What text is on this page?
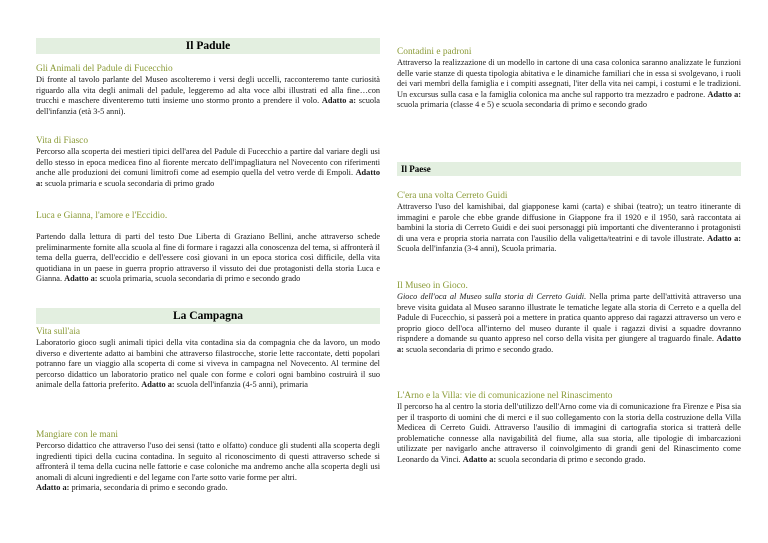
Il Padule
Gli Animali del Padule di Fucecchio
Di fronte al tavolo parlante del Museo ascolteremo i versi degli uccelli, racconteremo tante curiosità riguardo alla vita degli animali del padule, leggeremo ad alta voce albi illustrati ed alla fine…con trucchi e maschere diventeremo tutti insieme uno stormo pronto a prendere il volo. Adatto a: scuola dell'infanzia (età 3-5 anni).
Vita di Fiasco
Percorso alla scoperta dei mestieri tipici dell'area del Padule di Fucecchio a partire dal variare degli usi dello stesso in epoca medicea fino al fiorente mercato dell'impagliatura nel Novecento con riferimenti anche alle produzioni dei comuni limitrofi come ad esempio quella del vetro verde di Empoli. Adatto a: scuola primaria e scuola secondaria di primo grado
Luca e Gianna, l'amore e l'Eccidio.
Partendo dalla lettura di parti del testo Due Liberta di Graziano Bellini, anche attraverso schede preliminarmente fornite alla scuola al fine di formare i ragazzi alla conoscenza del tema, si affronterà il tema della guerra, dell'eccidio e dell'essere così giovani in un epoca storica così difficile, della vita quotidiana in un paese in guerra proprio attraverso il vissuto dei due protagonisti della storia Luca e Gianna. Adatto a: scuola primaria, scuola secondaria di primo e secondo grado
La Campagna
Vita sull'aia
Laboratorio gioco sugli animali tipici della vita contadina sia da compagnia che da lavoro, un modo diverso e divertente adatto ai bambini che attraverso filastrocche, storie lette raccontate, detti popolari potranno fare un viaggio alla scoperta di come si viveva in campagna nel Novecento. Al termine del percorso didattico un laboratorio pratico nel quale con forme e colori ogni bambino costruirà il suo animale della fattoria preferito. Adatto a: scuola dell'infanzia (4-5 anni), primaria
Mangiare con le mani
Percorso didattico che attraverso l'uso dei sensi (tatto e olfatto) conduce gli studenti alla scoperta degli ingredienti tipici della cucina contadina. In seguito al riconoscimento di questi attraverso schede si affronterà il tema della cucina nelle fattorie e case coloniche ma andremo anche alla scoperta degli usi anomali di alcuni ingredienti e del legame con l'arte sotto varie forme per altri.
Adatto a: primaria, secondaria di primo e secondo grado.
Contadini e padroni
Attraverso la realizzazione di un modello in cartone di una casa colonica saranno analizzate le funzioni delle varie stanze di questa tipologia abitativa e le dinamiche familiari che in essa si svolgevano, i ruoli dei vari membri della famiglia e i compiti assegnati, l'iter della vita nei campi, i costumi e le tradizioni. Un excursus sulla casa e la famiglia colonica ma anche sul rapporto tra mezzadro e padrone. Adatto a: scuola primaria (classe 4 e 5) e scuola secondaria di primo e secondo grado
Il Paese
C'era una volta Cerreto Guidi
Attraverso l'uso del kamishibai, dal giapponese kami (carta) e shibai (teatro); un teatro itinerante di immagini e parole che ebbe grande diffusione in Giappone fra il 1920 e il 1950, sarà raccontata ai bambini la storia di Cerreto Guidi e dei suoi personaggi più importanti che diventeranno i protagonisti di una vera e propria storia narrata con l'ausilio della valigetta/teatrini e di tavole illustrate. Adatto a: Scuola dell'infanzia (3-4 anni), Scuola primaria.
Il Museo in Gioco.
Gioco dell'oca al Museo sulla storia di Cerreto Guidi. Nella prima parte dell'attività attraverso una breve visita guidata al Museo saranno illustrate le tematiche legate alla storia di Cerreto e a quella del Padule di Fucecchio, si passerà poi a mettere in pratica quanto appreso dai ragazzi attraverso un vero e proprio gioco dell'oca all'interno del museo durante il quale i ragazzi divisi a squadre dovranno rispndere a domande su quanto appreso nel corso della visita per giungere al traguardo finale. Adatto a: scuola secondaria di primo e secondo grado.
L'Arno e la Villa: vie di comunicazione nel Rinascimento
Il percorso ha al centro la storia dell'utilizzo dell'Arno come via di comunicazione fra Firenze e Pisa sia per il trasporto di uomini che di merci e il suo collegamento con la storia della costruzione della Villa Medicea di Cerreto Guidi. Attraverso l'ausilio di immagini di cartografia storica si tratterà delle problematiche connesse alla navigabilità del fiume, alla sua storia, alle tipologie di imbarcazioni utilizzate per navigarlo anche attraverso il coinvolgimento di grandi geni del Rinascimento come Leonardo da Vinci. Adatto a: scuola secondaria di primo e secondo grado.
